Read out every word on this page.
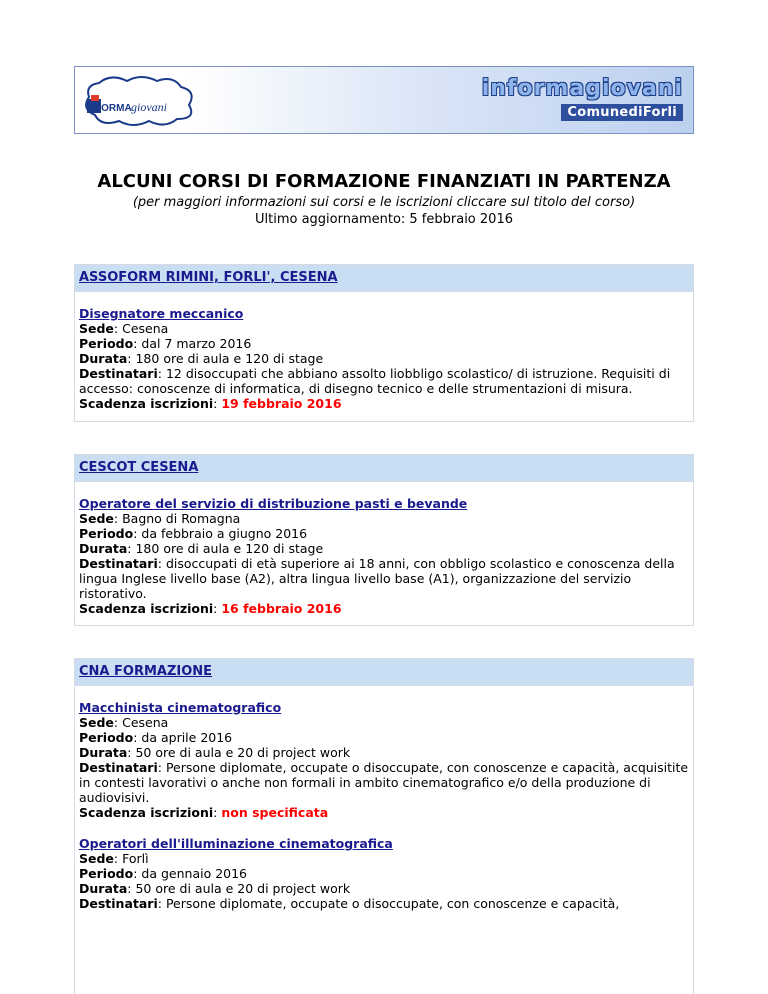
FORMA giovani
informagiovani
ComunediForli
ALCUNI CORSI DI FORMAZIONE FINANZIATI IN PARTENZA
(per maggiori informazioni sui corsi e le iscrizioni cliccare sul titolo del corso)
Ultimo aggiornamento: 5 febbraio 2016
ASSOFORM RIMINI, FORLI', CESENA
Disegnatore meccanico
Sede: Cesena
Periodo: dal 7 marzo 2016
Durata: 180 ore di aula e 120 di stage
Destinatari: 12 disoccupati che abbiano assolto liobbligo scolastico/ di istruzione. Requisiti di accesso: conoscenze di informatica, di disegno tecnico e delle strumentazioni di misura.
Scadenza iscrizioni: 19 febbraio 2016
CESCOT CESENA
Operatore del servizio di distribuzione pasti e bevande
Sede: Bagno di Romagna
Periodo: da febbraio a giugno 2016
Durata: 180 ore di aula e 120 di stage
Destinatari: disoccupati di età superiore ai 18 anni, con obbligo scolastico e conoscenza della lingua Inglese livello base (A2), altra lingua livello base (A1), organizzazione del servizio ristorativo.
Scadenza iscrizioni: 16 febbraio 2016
CNA FORMAZIONE
Macchinista cinematografico
Sede: Cesena
Periodo: da aprile 2016
Durata: 50 ore di aula e 20 di project work
Destinatari: Persone diplomate, occupate o disoccupate, con conoscenze e capacità, acquisitite in contesti lavorativi o anche non formali in ambito cinematografico e/o della produzione di audiovisivi.
Scadenza iscrizioni: non specificata
Operatori dell'illuminazione cinematografica
Sede: Forlì
Periodo: da gennaio 2016
Durata: 50 ore di aula e 20 di project work
Destinatari: Persone diplomate, occupate o disoccupate, con conoscenze e capacità,
